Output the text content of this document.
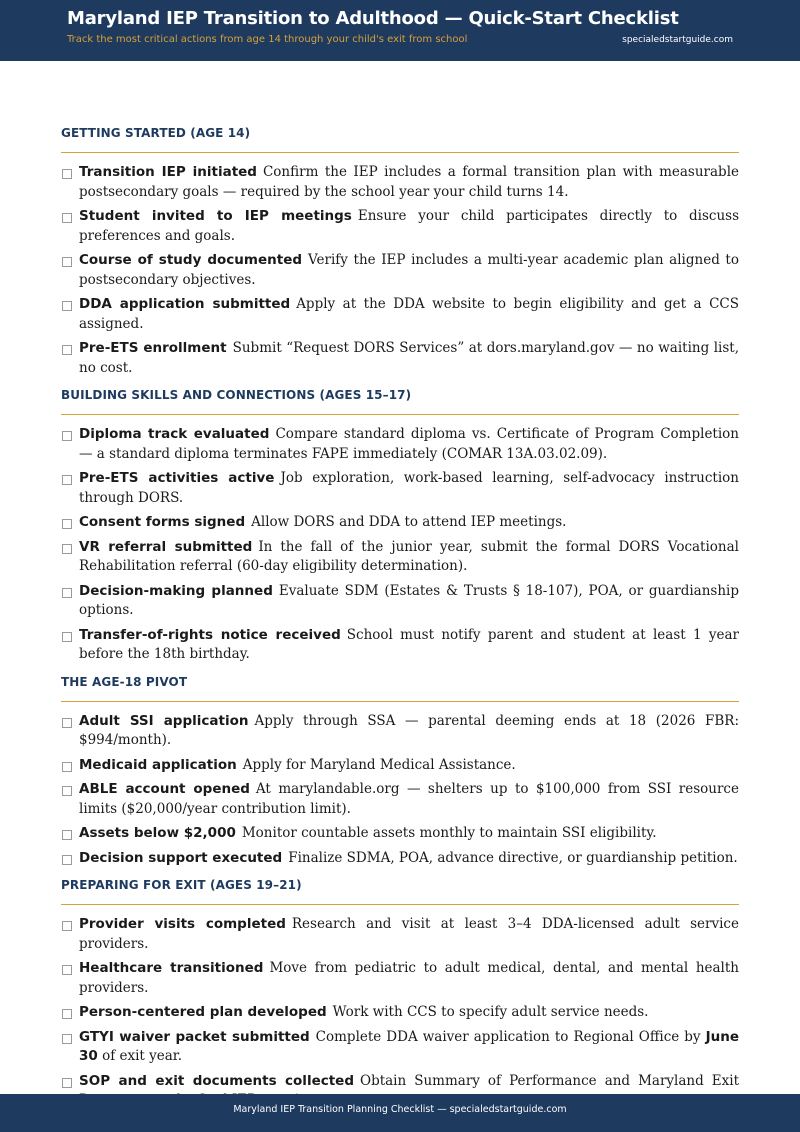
Maryland IEP Transition to Adulthood — Quick-Start Checklist
Track the most critical actions from age 14 through your child's exit from school	specialedstartguide.com
GETTING STARTED (AGE 14)
Transition IEP initiated Confirm the IEP includes a formal transition plan with measurable postsecondary goals — required by the school year your child turns 14.
Student invited to IEP meetings Ensure your child participates directly to discuss preferences and goals.
Course of study documented Verify the IEP includes a multi-year academic plan aligned to postsecondary objectives.
DDA application submitted Apply at the DDA website to begin eligibility and get a CCS assigned.
Pre-ETS enrollment Submit “Request DORS Services” at dors.maryland.gov — no waiting list, no cost.
BUILDING SKILLS AND CONNECTIONS (AGES 15–17)
Diploma track evaluated Compare standard diploma vs. Certificate of Program Completion — a standard diploma terminates FAPE immediately (COMAR 13A.03.02.09).
Pre-ETS activities active Job exploration, work-based learning, self-advocacy instruction through DORS.
Consent forms signed Allow DORS and DDA to attend IEP meetings.
VR referral submitted In the fall of the junior year, submit the formal DORS Vocational Rehabilitation referral (60-day eligibility determination).
Decision-making planned Evaluate SDM (Estates & Trusts § 18-107), POA, or guardianship options.
Transfer-of-rights notice received School must notify parent and student at least 1 year before the 18th birthday.
THE AGE-18 PIVOT
Adult SSI application Apply through SSA — parental deeming ends at 18 (2026 FBR: $994/month).
Medicaid application Apply for Maryland Medical Assistance.
ABLE account opened At marylandable.org — shelters up to $100,000 from SSI resource limits ($20,000/year contribution limit).
Assets below $2,000 Monitor countable assets monthly to maintain SSI eligibility.
Decision support executed Finalize SDMA, POA, advance directive, or guardianship petition.
PREPARING FOR EXIT (AGES 19–21)
Provider visits completed Research and visit at least 3–4 DDA-licensed adult service providers.
Healthcare transitioned Move from pediatric to adult medical, dental, and mental health providers.
Person-centered plan developed Work with CCS to specify adult service needs.
GTYI waiver packet submitted Complete DDA waiver application to Regional Office by June 30 of exit year.
SOP and exit documents collected Obtain Summary of Performance and Maryland Exit
Maryland IEP Transition Planning Checklist — specialedstartguide.com
